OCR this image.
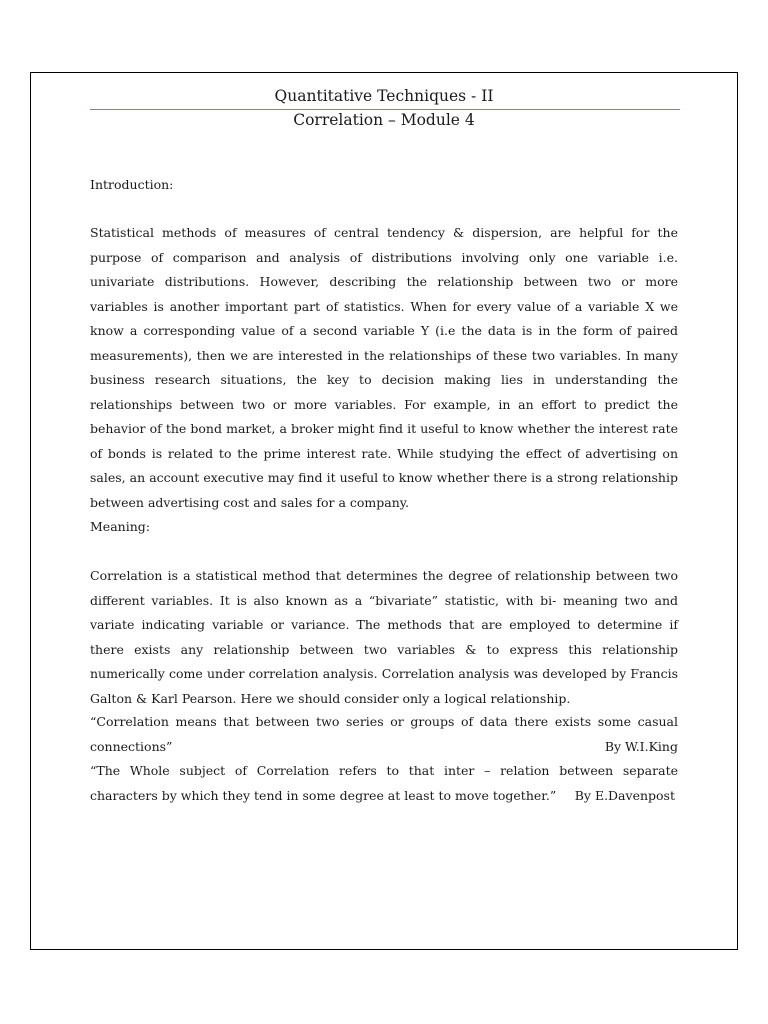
Quantitative Techniques - II
Correlation – Module 4
Introduction:

Statistical methods of measures of central tendency & dispersion, are helpful for the purpose of comparison and analysis of distributions involving only one variable i.e. univariate distributions. However, describing the relationship between two or more variables is another important part of statistics. When for every value of a variable X we know a corresponding value of a second variable Y (i.e the data is in the form of paired measurements), then we are interested in the relationships of these two variables. In many business research situations, the key to decision making lies in understanding the relationships between two or more variables. For example, in an effort to predict the behavior of the bond market, a broker might find it useful to know whether the interest rate of bonds is related to the prime interest rate. While studying the effect of advertising on sales, an account executive may find it useful to know whether there is a strong relationship between advertising cost and sales for a company.

Meaning:

Correlation is a statistical method that determines the degree of relationship between two different variables. It is also known as a “bivariate” statistic, with bi- meaning two and variate indicating variable or variance. The methods that are employed to determine if there exists any relationship between two variables & to express this relationship numerically come under correlation analysis. Correlation analysis was developed by Francis Galton & Karl Pearson. Here we should consider only a logical relationship.

“Correlation means that between two series or groups of data there exists some casual connections”	By W.I.King

“The Whole subject of Correlation refers to that inter – relation between separate characters by which they tend in some degree at least to move together.” By E.Davenpost
